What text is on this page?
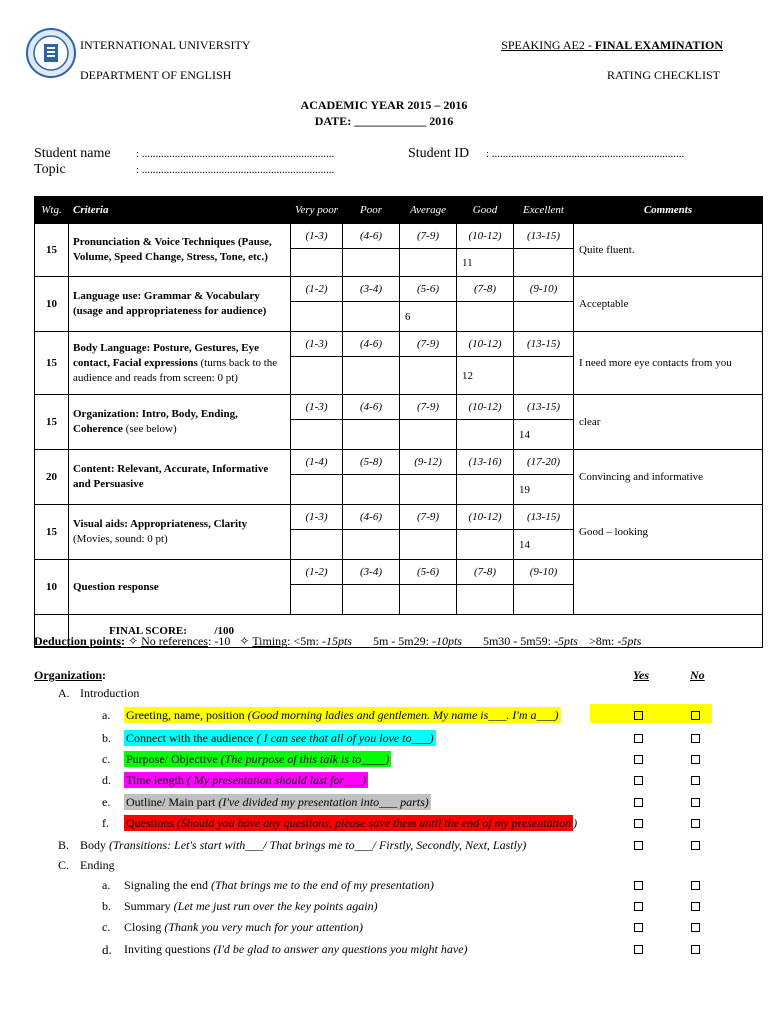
INTERNATIONAL UNIVERSITY
DEPARTMENT OF ENGLISH
SPEAKING AE2 - FINAL EXAMINATION
RATING CHECKLIST
ACADEMIC YEAR 2015 – 2016
DATE: ____________ 2016
Student name : ......................................................................
Topic	: ......................................................................
Student ID : ......................................................................
Wtg.	Criteria	Very poor	Poor	Average	Good	Excellent	Comments
15	Pronunciation & Voice Techniques (Pause, Volume, Speed Change, Stress, Tone, etc.)	(1-3)	(4-6)	(7-9)	(10-12)	(13-15)	Quite fluent.
					11		
10	Language use: Grammar & Vocabulary (usage and appropriateness for audience)	(1-2)	(3-4)	(5-6)	(7-8)	(9-10)	Acceptable
				6			
15	Body Language: Posture, Gestures, Eye contact, Facial expressions (turns back to the audience and reads from screen: 0 pt)	(1-3)	(4-6)	(7-9)	(10-12)	(13-15)	I need more eye contacts from you
					12		
15	Organization: Intro, Body, Ending, Coherence (see below)	(1-3)	(4-6)	(7-9)	(10-12)	(13-15)	clear
						14	
20	Content: Relevant, Accurate, Informative and Persuasive	(1-4)	(5-8)	(9-12)	(13-16)	(17-20)	Convincing and informative
						19	
15	Visual aids: Appropriateness, Clarity (Movies, sound: 0 pt)	(1-3)	(4-6)	(7-9)	(10-12)	(13-15)	Good – looking
						14	
10	Question response	(1-2)	(3-4)	(5-6)	(7-8)	(9-10)	

	FINAL SCORE:          /100						
Deduction points: ✧ No references: -10   ✧ Timing: <5m: -15pts 5m - 5m29: -10pts 5m30 - 5m59: -5pts >8m: -5pts
Organization:	Yes	No
A. Introduction
a. Greeting, name, position (Good morning ladies and gentlemen. My name is___. I'm a___)
b. Connect with the audience ( I can see that all of you love to___)
c. Purpose/ Objective (The purpose of this talk is to____)
d. Time length ( My presentation should last for___)
e. Outline/ Main part (I've divided my presentation into___ parts)
f. Questions (Should you have any questions, please save them until the end of my presentation )
B. Body (Transitions: Let's start with___/ That brings me to___/ Firstly, Secondly, Next, Lastly)
C. Ending
a. Signaling the end (That brings me to the end of my presentation)
b. Summary (Let me just run over the key points again)
c. Closing (Thank you very much for your attention)
d. Inviting questions (I'd be glad to answer any questions you might have)
